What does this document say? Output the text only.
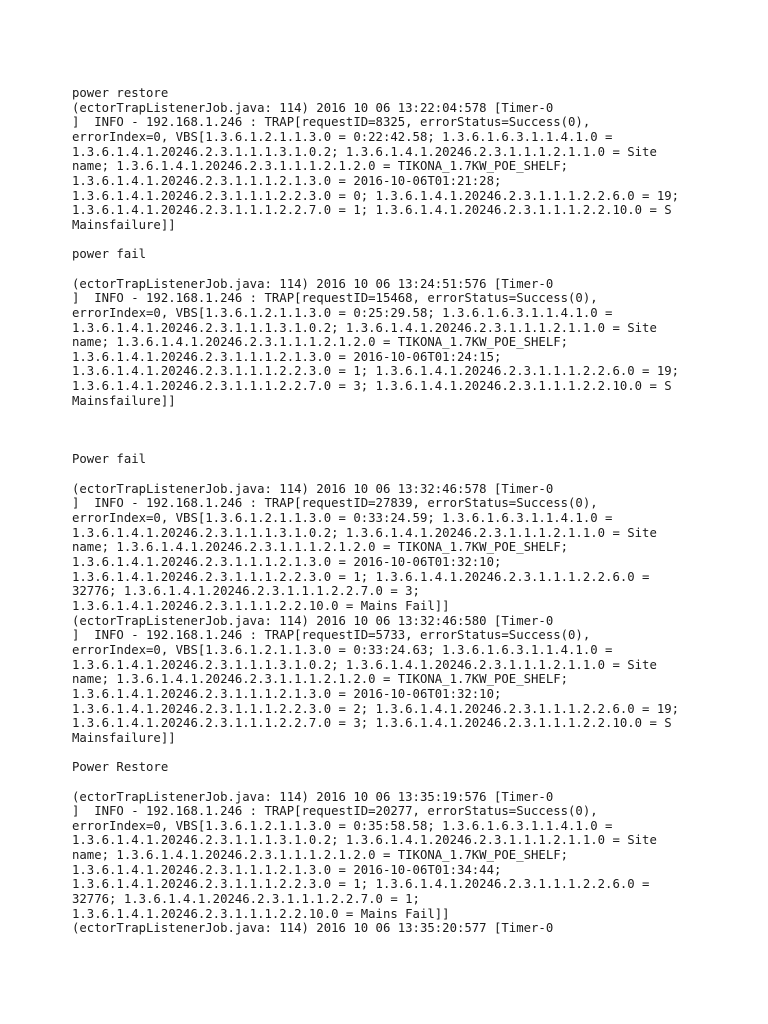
power restore
(ectorTrapListenerJob.java: 114) 2016 10 06 13:22:04:578 [Timer-0
]  INFO - 192.168.1.246 : TRAP[requestID=8325, errorStatus=Success(0),
errorIndex=0, VBS[1.3.6.1.2.1.1.3.0 = 0:22:42.58; 1.3.6.1.6.3.1.1.4.1.0 =
1.3.6.1.4.1.20246.2.3.1.1.1.3.1.0.2; 1.3.6.1.4.1.20246.2.3.1.1.1.2.1.1.0 = Site
name; 1.3.6.1.4.1.20246.2.3.1.1.1.2.1.2.0 = TIKONA_1.7KW_POE_SHELF;
1.3.6.1.4.1.20246.2.3.1.1.1.2.1.3.0 = 2016-10-06T01:21:28;
1.3.6.1.4.1.20246.2.3.1.1.1.2.2.3.0 = 0; 1.3.6.1.4.1.20246.2.3.1.1.1.2.2.6.0 = 19;
1.3.6.1.4.1.20246.2.3.1.1.1.2.2.7.0 = 1; 1.3.6.1.4.1.20246.2.3.1.1.1.2.2.10.0 = S
Mainsfailure]]
power fail
(ectorTrapListenerJob.java: 114) 2016 10 06 13:24:51:576 [Timer-0
]  INFO - 192.168.1.246 : TRAP[requestID=15468, errorStatus=Success(0),
errorIndex=0, VBS[1.3.6.1.2.1.1.3.0 = 0:25:29.58; 1.3.6.1.6.3.1.1.4.1.0 =
1.3.6.1.4.1.20246.2.3.1.1.1.3.1.0.2; 1.3.6.1.4.1.20246.2.3.1.1.1.2.1.1.0 = Site
name; 1.3.6.1.4.1.20246.2.3.1.1.1.2.1.2.0 = TIKONA_1.7KW_POE_SHELF;
1.3.6.1.4.1.20246.2.3.1.1.1.2.1.3.0 = 2016-10-06T01:24:15;
1.3.6.1.4.1.20246.2.3.1.1.1.2.2.3.0 = 1; 1.3.6.1.4.1.20246.2.3.1.1.1.2.2.6.0 = 19;
1.3.6.1.4.1.20246.2.3.1.1.1.2.2.7.0 = 3; 1.3.6.1.4.1.20246.2.3.1.1.1.2.2.10.0 = S
Mainsfailure]]
Power fail
(ectorTrapListenerJob.java: 114) 2016 10 06 13:32:46:578 [Timer-0
]  INFO - 192.168.1.246 : TRAP[requestID=27839, errorStatus=Success(0),
errorIndex=0, VBS[1.3.6.1.2.1.1.3.0 = 0:33:24.59; 1.3.6.1.6.3.1.1.4.1.0 =
1.3.6.1.4.1.20246.2.3.1.1.1.3.1.0.2; 1.3.6.1.4.1.20246.2.3.1.1.1.2.1.1.0 = Site
name; 1.3.6.1.4.1.20246.2.3.1.1.1.2.1.2.0 = TIKONA_1.7KW_POE_SHELF;
1.3.6.1.4.1.20246.2.3.1.1.1.2.1.3.0 = 2016-10-06T01:32:10;
1.3.6.1.4.1.20246.2.3.1.1.1.2.2.3.0 = 1; 1.3.6.1.4.1.20246.2.3.1.1.1.2.2.6.0 =
32776; 1.3.6.1.4.1.20246.2.3.1.1.1.2.2.7.0 = 3;
1.3.6.1.4.1.20246.2.3.1.1.1.2.2.10.0 = Mains Fail]]
(ectorTrapListenerJob.java: 114) 2016 10 06 13:32:46:580 [Timer-0
]  INFO - 192.168.1.246 : TRAP[requestID=5733, errorStatus=Success(0),
errorIndex=0, VBS[1.3.6.1.2.1.1.3.0 = 0:33:24.63; 1.3.6.1.6.3.1.1.4.1.0 =
1.3.6.1.4.1.20246.2.3.1.1.1.3.1.0.2; 1.3.6.1.4.1.20246.2.3.1.1.1.2.1.1.0 = Site
name; 1.3.6.1.4.1.20246.2.3.1.1.1.2.1.2.0 = TIKONA_1.7KW_POE_SHELF;
1.3.6.1.4.1.20246.2.3.1.1.1.2.1.3.0 = 2016-10-06T01:32:10;
1.3.6.1.4.1.20246.2.3.1.1.1.2.2.3.0 = 2; 1.3.6.1.4.1.20246.2.3.1.1.1.2.2.6.0 = 19;
1.3.6.1.4.1.20246.2.3.1.1.1.2.2.7.0 = 3; 1.3.6.1.4.1.20246.2.3.1.1.1.2.2.10.0 = S
Mainsfailure]]
Power Restore
(ectorTrapListenerJob.java: 114) 2016 10 06 13:35:19:576 [Timer-0
]  INFO - 192.168.1.246 : TRAP[requestID=20277, errorStatus=Success(0),
errorIndex=0, VBS[1.3.6.1.2.1.1.3.0 = 0:35:58.58; 1.3.6.1.6.3.1.1.4.1.0 =
1.3.6.1.4.1.20246.2.3.1.1.1.3.1.0.2; 1.3.6.1.4.1.20246.2.3.1.1.1.2.1.1.0 = Site
name; 1.3.6.1.4.1.20246.2.3.1.1.1.2.1.2.0 = TIKONA_1.7KW_POE_SHELF;
1.3.6.1.4.1.20246.2.3.1.1.1.2.1.3.0 = 2016-10-06T01:34:44;
1.3.6.1.4.1.20246.2.3.1.1.1.2.2.3.0 = 1; 1.3.6.1.4.1.20246.2.3.1.1.1.2.2.6.0 =
32776; 1.3.6.1.4.1.20246.2.3.1.1.1.2.2.7.0 = 1;
1.3.6.1.4.1.20246.2.3.1.1.1.2.2.10.0 = Mains Fail]]
(ectorTrapListenerJob.java: 114) 2016 10 06 13:35:20:577 [Timer-0
